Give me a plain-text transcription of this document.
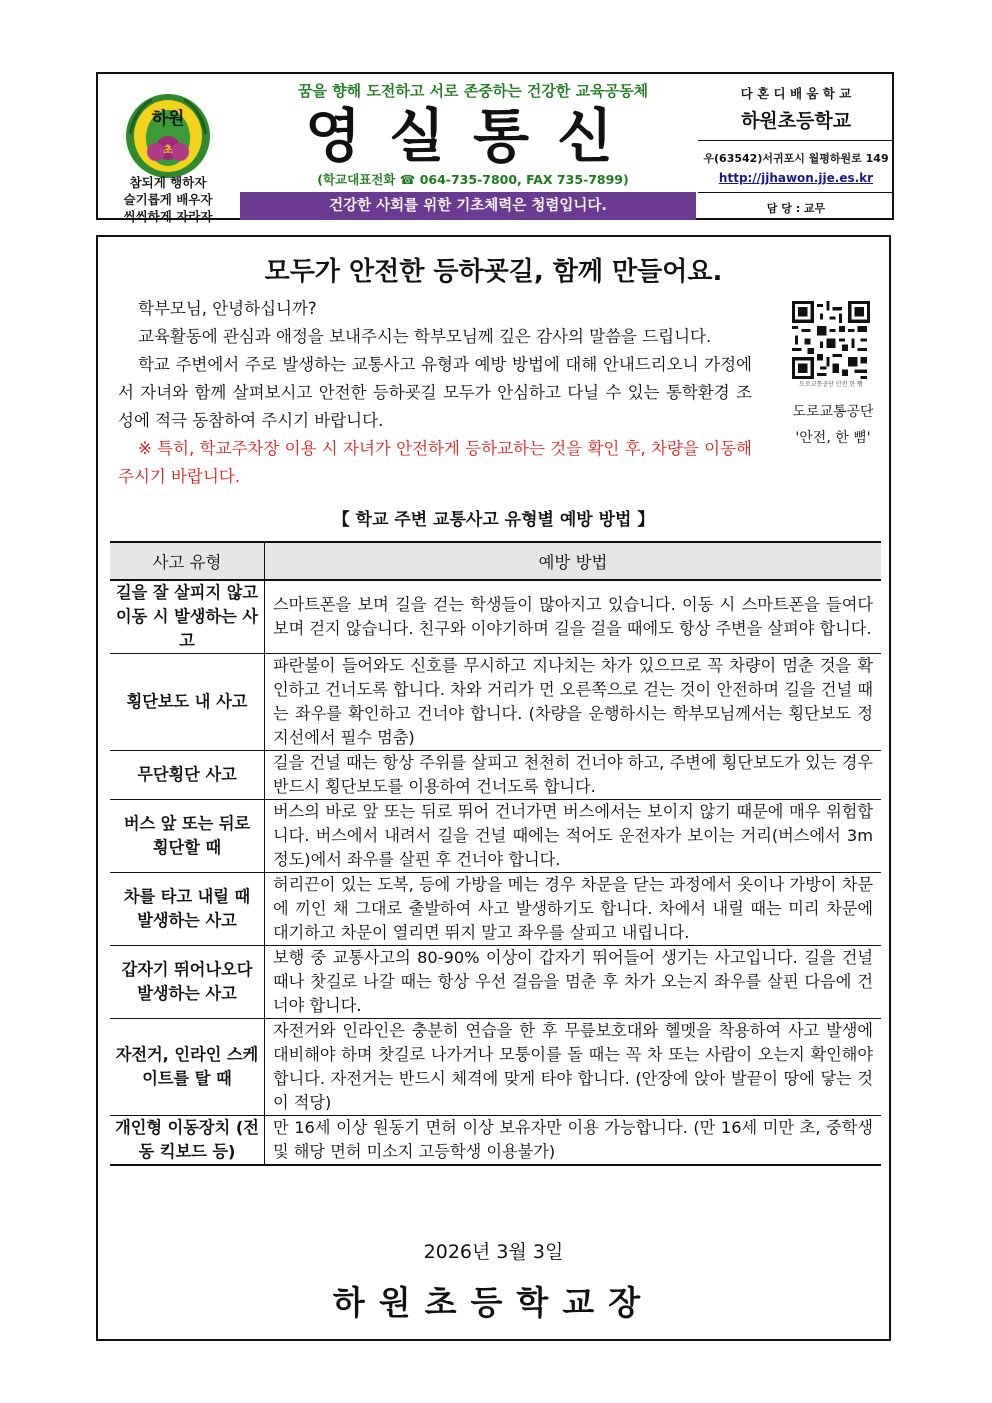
하원
초
참되게 행하자
슬기롭게 배우자
씩씩하게 자라자
꿈을 향해 도전하고 서로 존중하는 건강한 교육공동체
영실통신
(학교대표전화 ☎ 064-735-7800, FAX 735-7899)
건강한 사회를 위한 기초체력은 청렴입니다.
다 혼 디 배 움 학 교
하원초등학교
우(63542)서귀포시 월평하원로 149
http://jjhawon.jje.es.kr
담 당 : 교무
모두가 안전한 등하굣길, 함께 만들어요.

학부모님, 안녕하십니까?

교육활동에 관심과 애정을 보내주시는 학부모님께 깊은 감사의 말씀을 드립니다.

학교 주변에서 주로 발생하는 교통사고 유형과 예방 방법에 대해 안내드리오니 가정에서 자녀와 함께 살펴보시고 안전한 등하굣길 모두가 안심하고 다닐 수 있는 통학환경 조성에 적극 동참하여 주시기 바랍니다.

※ 특히, 학교주차장 이용 시 자녀가 안전하게 등하교하는 것을 확인 후, 차량을 이동해 주시기 바랍니다.

도로교통공단 안전 한 뼘
도로교통공단
'안전, 한 뼘'
【 학교 주변 교통사고 유형별 예방 방법 】
사고 유형	예방 방법
길을 잘 살피지 않고 이동 시 발생하는 사고	스마트폰을 보며 길을 걷는 학생들이 많아지고 있습니다. 이동 시 스마트폰을 들여다보며 걷지 않습니다. 친구와 이야기하며 길을 걸을 때에도 항상 주변을 살펴야 합니다.
횡단보도 내 사고	파란불이 들어와도 신호를 무시하고 지나치는 차가 있으므로 꼭 차량이 멈춘 것을 확인하고 건너도록 합니다. 차와 거리가 먼 오른쪽으로 걷는 것이 안전하며 길을 건널 때는 좌우를 확인하고 건너야 합니다. (차량을 운행하시는 학부모님께서는 횡단보도 정지선에서 필수 멈춤)
무단횡단 사고	길을 건널 때는 항상 주위를 살피고 천천히 건너야 하고, 주변에 횡단보도가 있는 경우 반드시 횡단보도를 이용하여 건너도록 합니다.
버스 앞 또는 뒤로 횡단할 때	버스의 바로 앞 또는 뒤로 뛰어 건너가면 버스에서는 보이지 않기 때문에 매우 위험합니다. 버스에서 내려서 길을 건널 때에는 적어도 운전자가 보이는 거리(버스에서 3m 정도)에서 좌우를 살핀 후 건너야 합니다.
차를 타고 내릴 때 발생하는 사고	허리끈이 있는 도복, 등에 가방을 메는 경우 차문을 닫는 과정에서 옷이나 가방이 차문에 끼인 채 그대로 출발하여 사고 발생하기도 합니다. 차에서 내릴 때는 미리 차문에 대기하고 차문이 열리면 뛰지 말고 좌우를 살피고 내립니다.
갑자기 뛰어나오다 발생하는 사고	보행 중 교통사고의 80-90% 이상이 갑자기 뛰어들어 생기는 사고입니다. 길을 건널 때나 찻길로 나갈 때는 항상 우선 걸음을 멈춘 후 차가 오는지 좌우를 살핀 다음에 건너야 합니다.
자전거, 인라인 스케이트를 탈 때	자전거와 인라인은 충분히 연습을 한 후 무릎보호대와 헬멧을 착용하여 사고 발생에 대비해야 하며 찻길로 나가거나 모퉁이를 돌 때는 꼭 차 또는 사람이 오는지 확인해야 합니다. 자전거는 반드시 체격에 맞게 타야 합니다. (안장에 앉아 발끝이 땅에 닿는 것이 적당)
개인형 이동장치 (전동 킥보드 등)	만 16세 이상 원동기 면허 이상 보유자만 이용 가능합니다. (만 16세 미만 초, 중학생 및 해당 면허 미소지 고등학생 이용불가)
2026년 3월 3일
하원초등학교장
